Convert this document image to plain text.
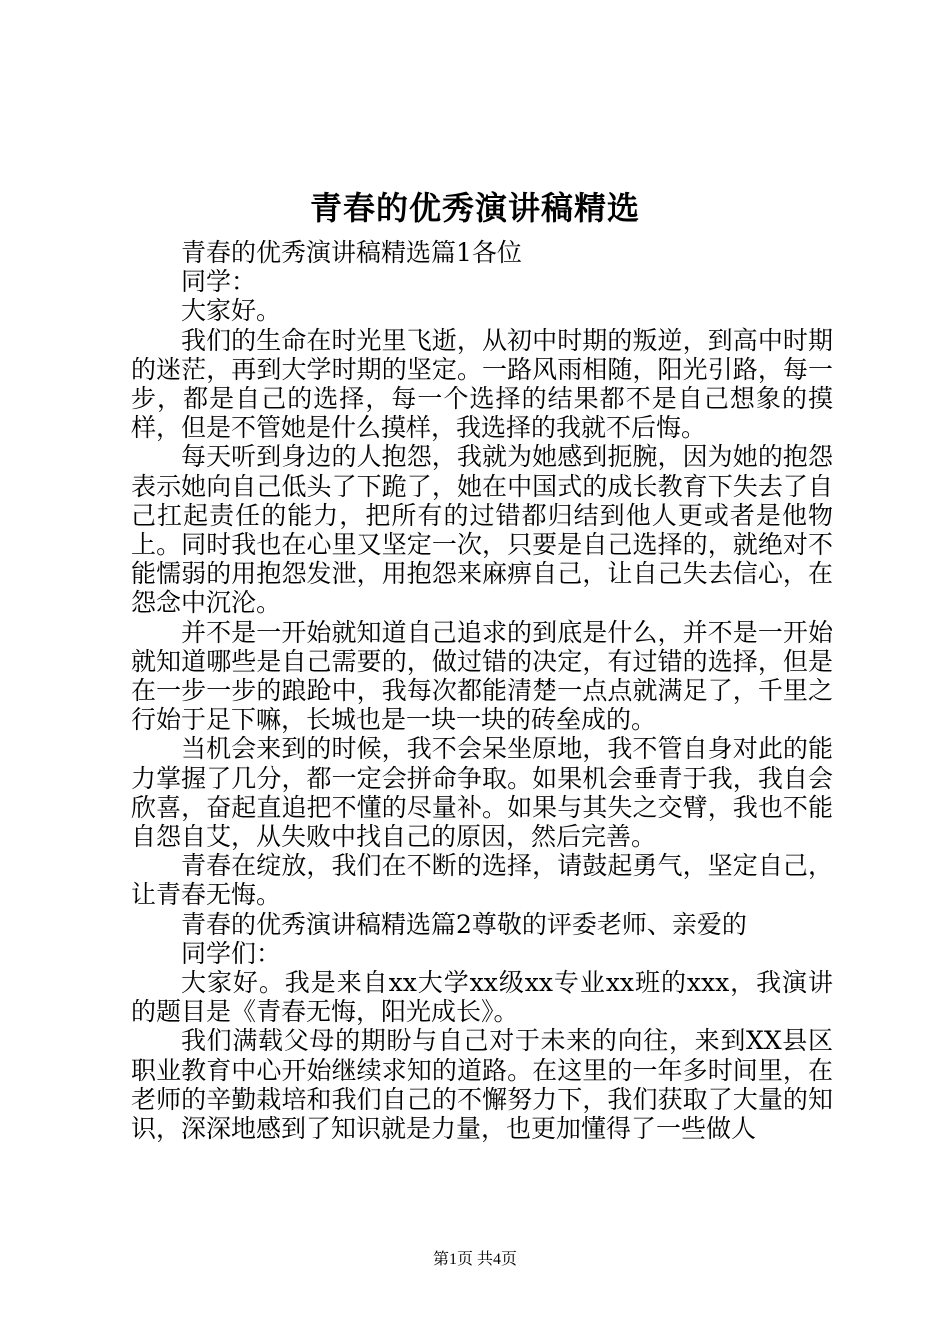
青春的优秀演讲稿精选

青春的优秀演讲稿精选篇1各位

同学：

大家好。

我们的生命在时光里飞逝，从初中时期的叛逆，到高中时期的迷茫，再到大学时期的坚定。一路风雨相随，阳光引路，每一步，都是自己的选择，每一个选择的结果都不是自己想象的摸样，但是不管她是什么摸样，我选择的我就不后悔。

每天听到身边的人抱怨，我就为她感到扼腕，因为她的抱怨表示她向自己低头了下跪了，她在中国式的成长教育下失去了自己扛起责任的能力，把所有的过错都归结到他人更或者是他物上。同时我也在心里又坚定一次，只要是自己选择的，就绝对不能懦弱的用抱怨发泄，用抱怨来麻痹自己，让自己失去信心，在怨念中沉沦。

并不是一开始就知道自己追求的到底是什么，并不是一开始就知道哪些是自己需要的，做过错的决定，有过错的选择，但是在一步一步的踉跄中，我每次都能清楚一点点就满足了，千里之行始于足下嘛，长城也是一块一块的砖垒成的。

当机会来到的时候，我不会呆坐原地，我不管自身对此的能力掌握了几分，都一定会拼命争取。如果机会垂青于我，我自会欣喜，奋起直追把不懂的尽量补。如果与其失之交臂，我也不能自怨自艾，从失败中找自己的原因，然后完善。

青春在绽放，我们在不断的选择，请鼓起勇气，坚定自己，让青春无悔。

青春的优秀演讲稿精选篇2尊敬的评委老师、亲爱的

同学们：

大家好。我是来自xx大学xx级xx专业xx班的xxx，我演讲的题目是《青春无悔，阳光成长》。

我们满载父母的期盼与自己对于未来的向往，来到XX县区职业教育中心开始继续求知的道路。在这里的一年多时间里，在老师的辛勤栽培和我们自己的不懈努力下，我们获取了大量的知识，深深地感到了知识就是力量，也更加懂得了一些做人

第1页 共4页
